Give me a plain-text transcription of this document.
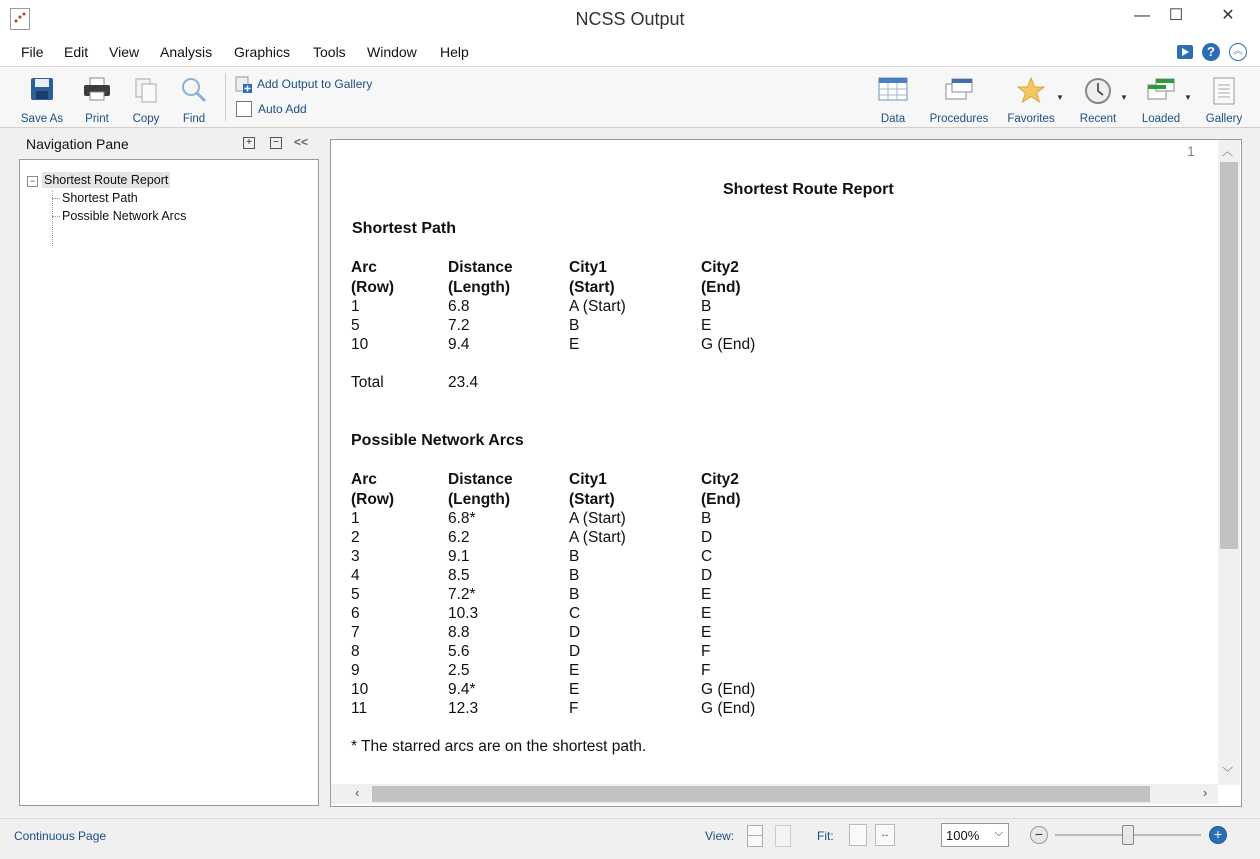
NCSS Output	—	☐	✕
File Edit View Analysis Graphics Tools Window Help	?	︽
Save As	Print	Copy	Find
Add Output to Gallery
Auto Add
Data	Procedures	Favorites
▼
Recent
▼
Loaded
▼
Gallery
Navigation Pane	+	− <<
− Shortest Route Report
Shortest Path
Possible Network Arcs
1
Shortest Route Report
Shortest Path
Arc	Distance	City1	City2
(Row)	(Length)	(Start)	(End)
1	6.8	A (Start)	B
5	7.2	B	E
10	9.4	E	G (End)
Total	23.4
Possible Network Arcs
Arc	Distance	City1	City2
(Row)	(Length)	(Start)	(End)
1	6.8*	A (Start)	B
2	6.2	A (Start)	D
3	9.1	B	C
4	8.5	B	D
5	7.2*	B	E
6	10.3	C	E
7	8.8	D	E
8	5.6	D	F
9	2.5	E	F
10	9.4*	E	G (End)
11	12.3	F	G (End)
* The starred arcs are on the shortest path.
︿
﹀
‹	›
Continuous Page	View:	Fit:	↔	100% ⌵	−	+
